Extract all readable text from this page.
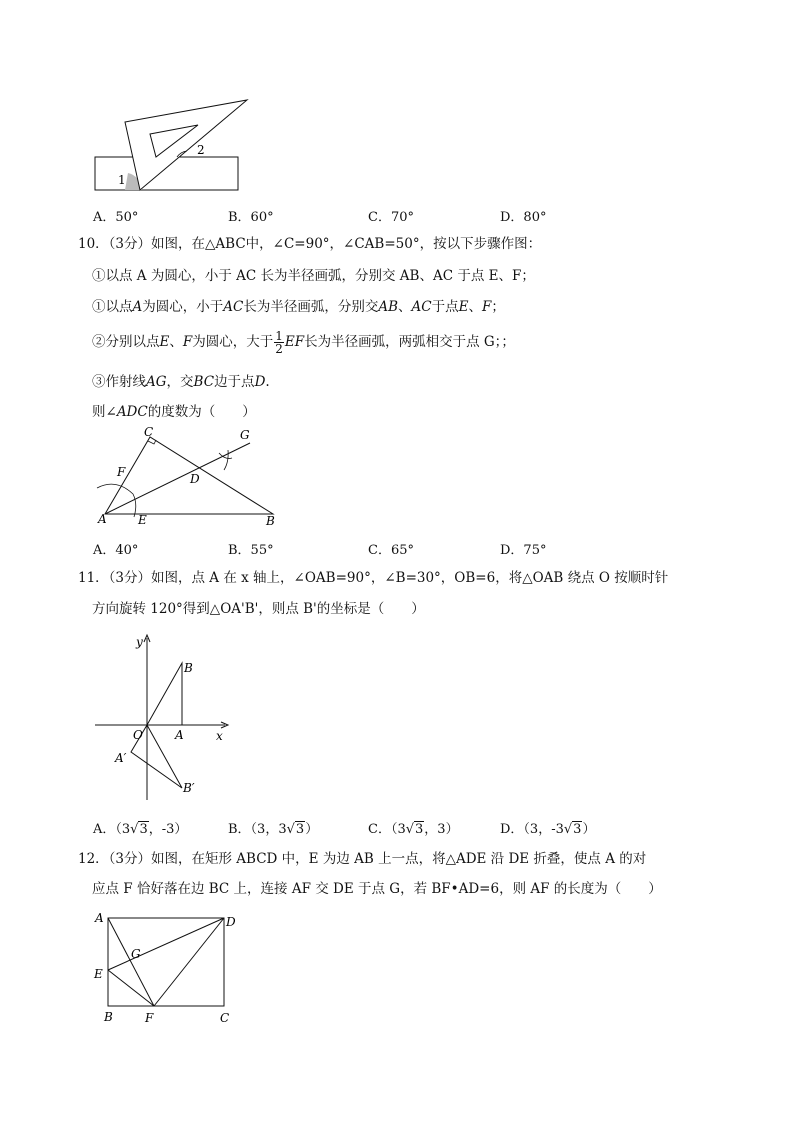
1
2
A．50°	B．60°	C．70°	D．80°
10．（3分）如图，在△ABC中，∠C=90°，∠CAB=50°，按以下步骤作图：
①以点 A 为圆心，小于 AC 长为半径画弧，分别交 AB、AC 于点 E、F；
①以点A为圆心，小于AC长为半径画弧，分别交AB、AC于点E、F；
②分别以点E、F为圆心，大于 $\frac{1}{2}$ EF长为半径画弧，两弧相交于点 G；；
③作射线AG，交BC边于点D.
则∠ADC的度数为（　　）
C	G
F	D
A	E	B
A．40°	B．55°	C．65°	D．75°
11．（3分）如图，点 A 在 x 轴上，∠OAB=90°，∠B=30°，OB=6，将△OAB 绕点 O 按顺时针
方向旋转 120°得到△OA'B'，则点 B'的坐标是（　　）
y
x
O	A
B
A′
B′
A．（3√3，-3）	B．（3，3√3）	C．（3√3，3）	D．（3，-3√3）
12．（3分）如图，在矩形 ABCD 中，E 为边 AB 上一点，将△ADE 沿 DE 折叠，使点 A 的对
应点 F 恰好落在边 BC 上，连接 AF 交 DE 于点 G，若 BF•AD=6，则 AF 的长度为（　　）
A	D
G
E
B	F	C
